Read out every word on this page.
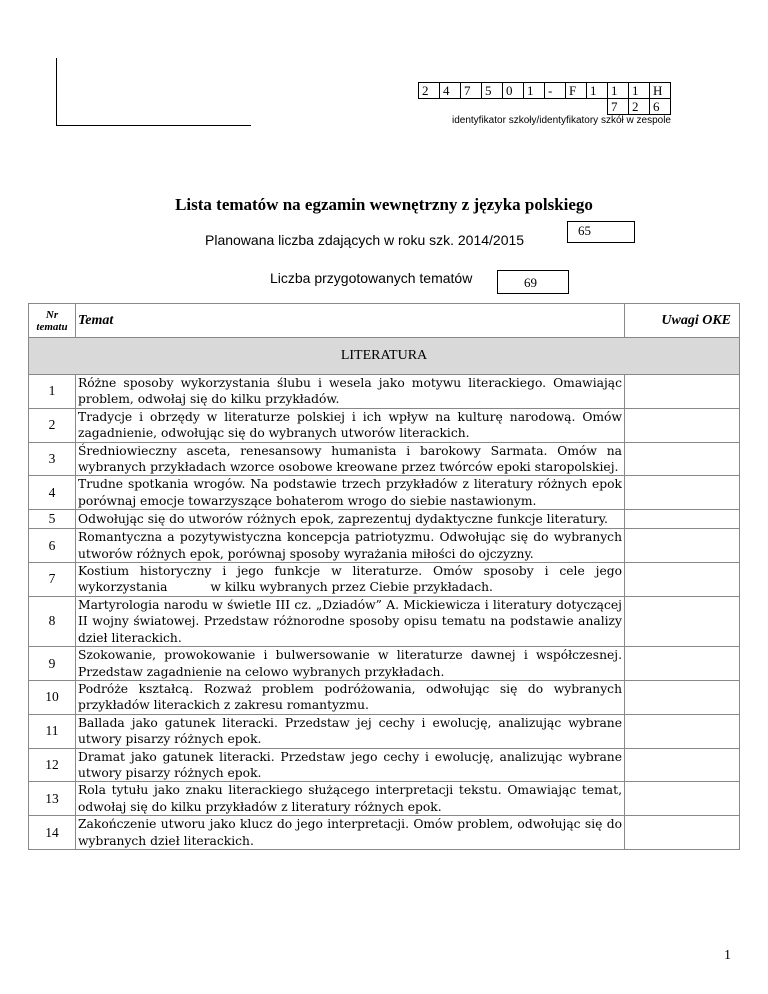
2	4	7	5	0	1	-	F	1	1	1	H
									7	2	6
identyfikator szkoły/identyfikatory szkół w zespole
Lista tematów na egzamin wewnętrzny z języka polskiego
Planowana liczba zdających w roku szk. 2014/2015
65
Liczba przygotowanych tematów	69
Nr tematu	Temat	Uwagi OKE
LITERATURA		
1	Różne sposoby wykorzystania ślubu i wesela jako motywu literackiego. Omawiając problem, odwołaj się do kilku przykładów.	
2	Tradycje i obrzędy w literaturze polskiej i ich wpływ na kulturę narodową. Omów zagadnienie, odwołując się do wybranych utworów literackich.	
3	Średniowieczny asceta, renesansowy humanista i barokowy Sarmata. Omów na wybranych przykładach wzorce osobowe kreowane przez twórców epoki staropolskiej.	
4	Trudne spotkania wrogów. Na podstawie trzech przykładów z literatury różnych epok porównaj emocje towarzyszące bohaterom wrogo do siebie nastawionym.	
5	Odwołując się do utworów różnych epok, zaprezentuj dydaktyczne funkcje literatury.	
6	Romantyczna a pozytywistyczna koncepcja patriotyzmu. Odwołując się do wybranych utworów różnych epok, porównaj sposoby wyrażania miłości do ojczyzny.	
7	Kostium historyczny i jego funkcje w literaturze. Omów sposoby i cele jego wykorzystania           w kilku wybranych przez Ciebie przykładach.	
8	Martyrologia narodu w świetle III cz. „Dziadów” A. Mickiewicza i literatury dotyczącej II wojny światowej. Przedstaw różnorodne sposoby opisu tematu na podstawie analizy dzieł literackich.	
9	Szokowanie, prowokowanie i bulwersowanie w literaturze dawnej i współczesnej. Przedstaw zagadnienie na celowo wybranych przykładach.	
10	Podróże kształcą. Rozważ problem podróżowania, odwołując się do wybranych przykładów literackich z zakresu romantyzmu.	
11	Ballada jako gatunek literacki. Przedstaw jej cechy i ewolucję, analizując wybrane utwory pisarzy różnych epok.	
12	Dramat jako gatunek literacki. Przedstaw jego cechy i ewolucję, analizując wybrane utwory pisarzy różnych epok.	
13	Rola tytułu jako znaku literackiego służącego interpretacji tekstu. Omawiając temat, odwołaj się do kilku przykładów z literatury różnych epok.	
14	Zakończenie utworu jako klucz do jego interpretacji. Omów problem, odwołując się do wybranych dzieł literackich.	
1
